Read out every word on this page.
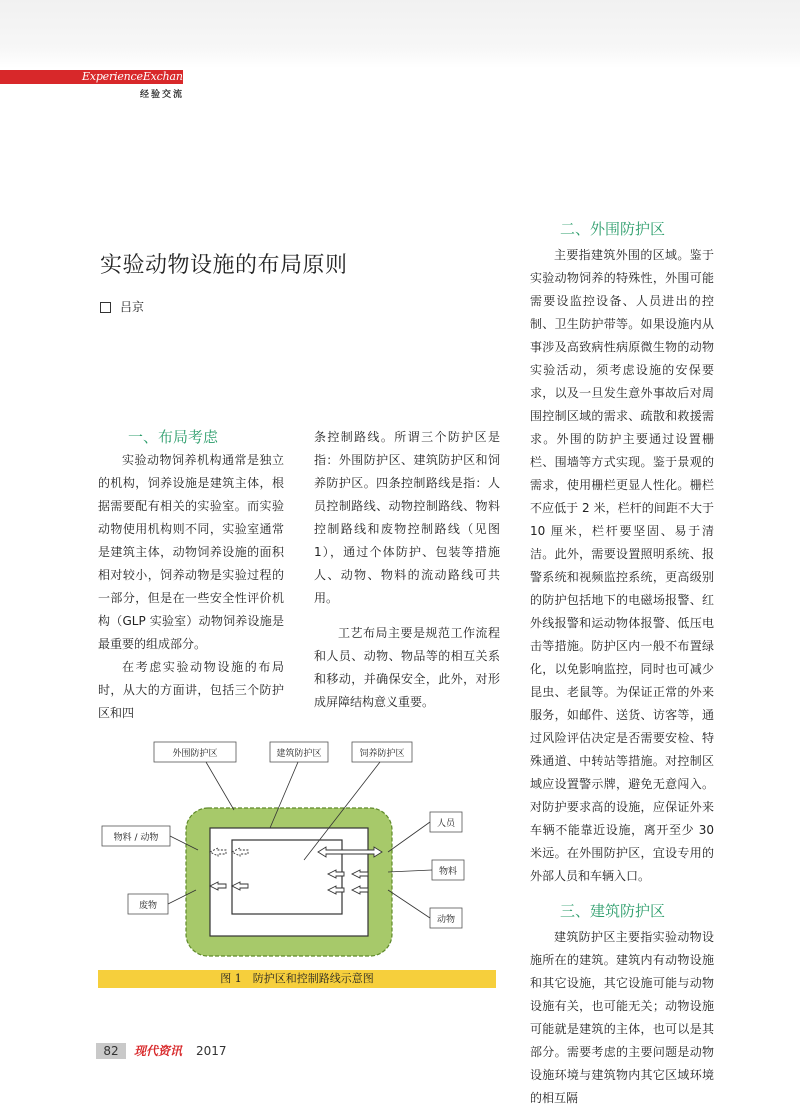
ExperienceExchange
经验交流
实验动物设施的布局原则
吕京
一、布局考虑

实验动物饲养机构通常是独立的机构，饲养设施是建筑主体，根据需要配有相关的实验室。而实验动物使用机构则不同，实验室通常是建筑主体，动物饲养设施的面积相对较小，饲养动物是实验过程的一部分，但是在一些安全性评价机构（GLP 实验室）动物饲养设施是最重要的组成部分。

在考虑实验动物设施的布局时，从大的方面讲，包括三个防护区和四

条控制路线。所谓三个防护区是指：外围防护区、建筑防护区和饲养防护区。四条控制路线是指：人员控制路线、动物控制路线、物料控制路线和废物控制路线（见图 1），通过个体防护、包装等措施人、动物、物料的流动路线可共用。

工艺布局主要是规范工作流程和人员、动物、物品等的相互关系和移动，并确保安全，此外，对形成屏障结构意义重要。

二、外围防护区

主要指建筑外围的区域。鉴于实验动物饲养的特殊性，外围可能需要设监控设备、人员进出的控制、卫生防护带等。如果设施内从事涉及高致病性病原微生物的动物实验活动，须考虑设施的安保要求，以及一旦发生意外事故后对周围控制区域的需求、疏散和救援需求。外围的防护主要通过设置栅栏、围墙等方式实现。鉴于景观的需求，使用栅栏更显人性化。栅栏不应低于 2 米，栏杆的间距不大于 10 厘米，栏杆要坚固、易于清洁。此外，需要设置照明系统、报警系统和视频监控系统，更高级别的防护包括地下的电磁场报警、红外线报警和运动物体报警、低压电击等措施。防护区内一般不布置绿化，以免影响监控，同时也可减少昆虫、老鼠等。为保证正常的外来服务，如邮件、送货、访客等，通过风险评估决定是否需要安检、特殊通道、中转站等措施。对控制区域应设置警示牌，避免无意闯入。对防护要求高的设施，应保证外来车辆不能靠近设施，离开至少 30 米远。在外围防护区，宜设专用的外部人员和车辆入口。

三、建筑防护区

建筑防护区主要指实验动物设施所在的建筑。建筑内有动物设施和其它设施，其它设施可能与动物设施有关，也可能无关；动物设施可能就是建筑的主体，也可以是其部分。需要考虑的主要问题是动物设施环境与建筑物内其它区域环境的相互隔

外围防护区	建筑防护区	饲养防护区
物料 / 动物
废物
人员
物料
动物
图 1　防护区和控制路线示意图
82	现代资讯 2017
